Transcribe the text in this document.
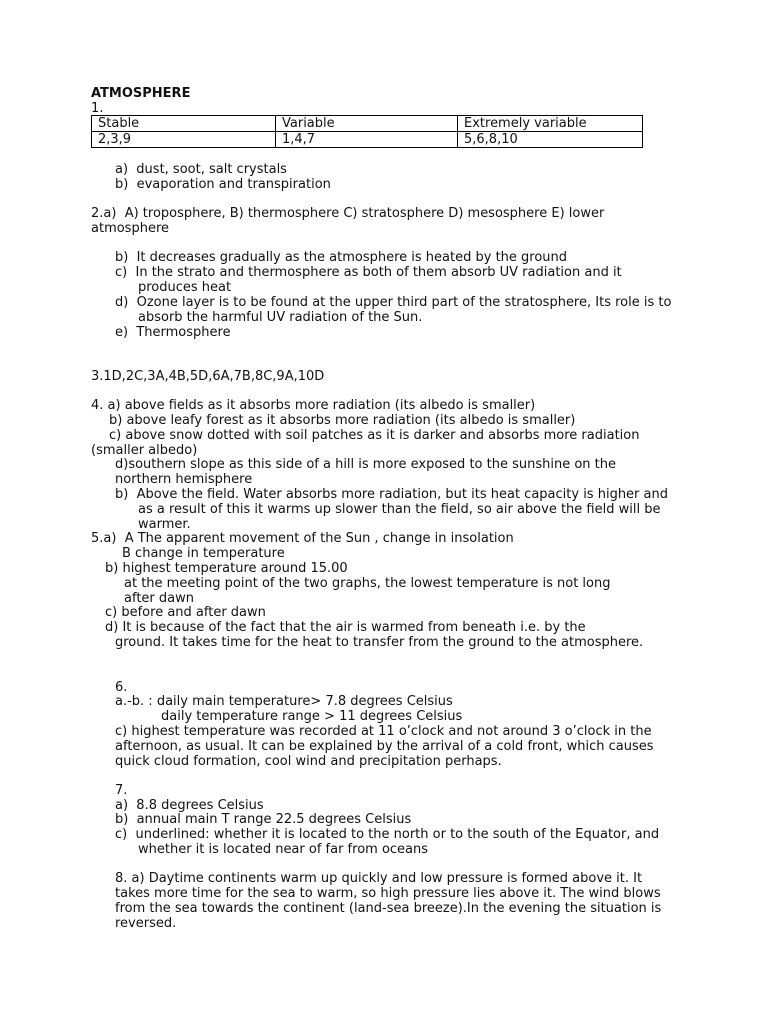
ATMOSPHERE
1.
Stable	Variable	Extremely variable
2,3,9	1,4,7	5,6,8,10
a)  dust, soot, salt crystals
b)  evaporation and transpiration
2.a)  A) troposphere, B) thermosphere C) stratosphere D) mesosphere E) lower
atmosphere
b)  It decreases gradually as the atmosphere is heated by the ground
c)  In the strato and thermosphere as both of them absorb UV radiation and it
produces heat
d)  Ozone layer is to be found at the upper third part of the stratosphere, Its role is to
absorb the harmful UV radiation of the Sun.
e)  Thermosphere
3.1D,2C,3A,4B,5D,6A,7B,8C,9A,10D
4. a) above fields as it absorbs more radiation (its albedo is smaller)
b) above leafy forest as it absorbs more radiation (its albedo is smaller)
c) above snow dotted with soil patches as it is darker and absorbs more radiation
(smaller albedo)
d)southern slope as this side of a hill is more exposed to the sunshine on the
northern hemisphere
b)  Above the field. Water absorbs more radiation, but its heat capacity is higher and
as a result of this it warms up slower than the field, so air above the field will be
warmer.
5.a)  A The apparent movement of the Sun , change in insolation
B change in temperature
b) highest temperature around 15.00
at the meeting point of the two graphs, the lowest temperature is not long
after dawn
c) before and after dawn
d) It is because of the fact that the air is warmed from beneath i.e. by the
ground. It takes time for the heat to transfer from the ground to the atmosphere.
6.
a.-b. : daily main temperature> 7.8 degrees Celsius
daily temperature range > 11 degrees Celsius
c) highest temperature was recorded at 11 o’clock and not around 3 o’clock in the
afternoon, as usual. It can be explained by the arrival of a cold front, which causes
quick cloud formation, cool wind and precipitation perhaps.
7.
a)  8.8 degrees Celsius
b)  annual main T range 22.5 degrees Celsius
c)  underlined: whether it is located to the north or to the south of the Equator, and
whether it is located near of far from oceans
8. a) Daytime continents warm up quickly and low pressure is formed above it. It
takes more time for the sea to warm, so high pressure lies above it. The wind blows
from the sea towards the continent (land-sea breeze).In the evening the situation is
reversed.
